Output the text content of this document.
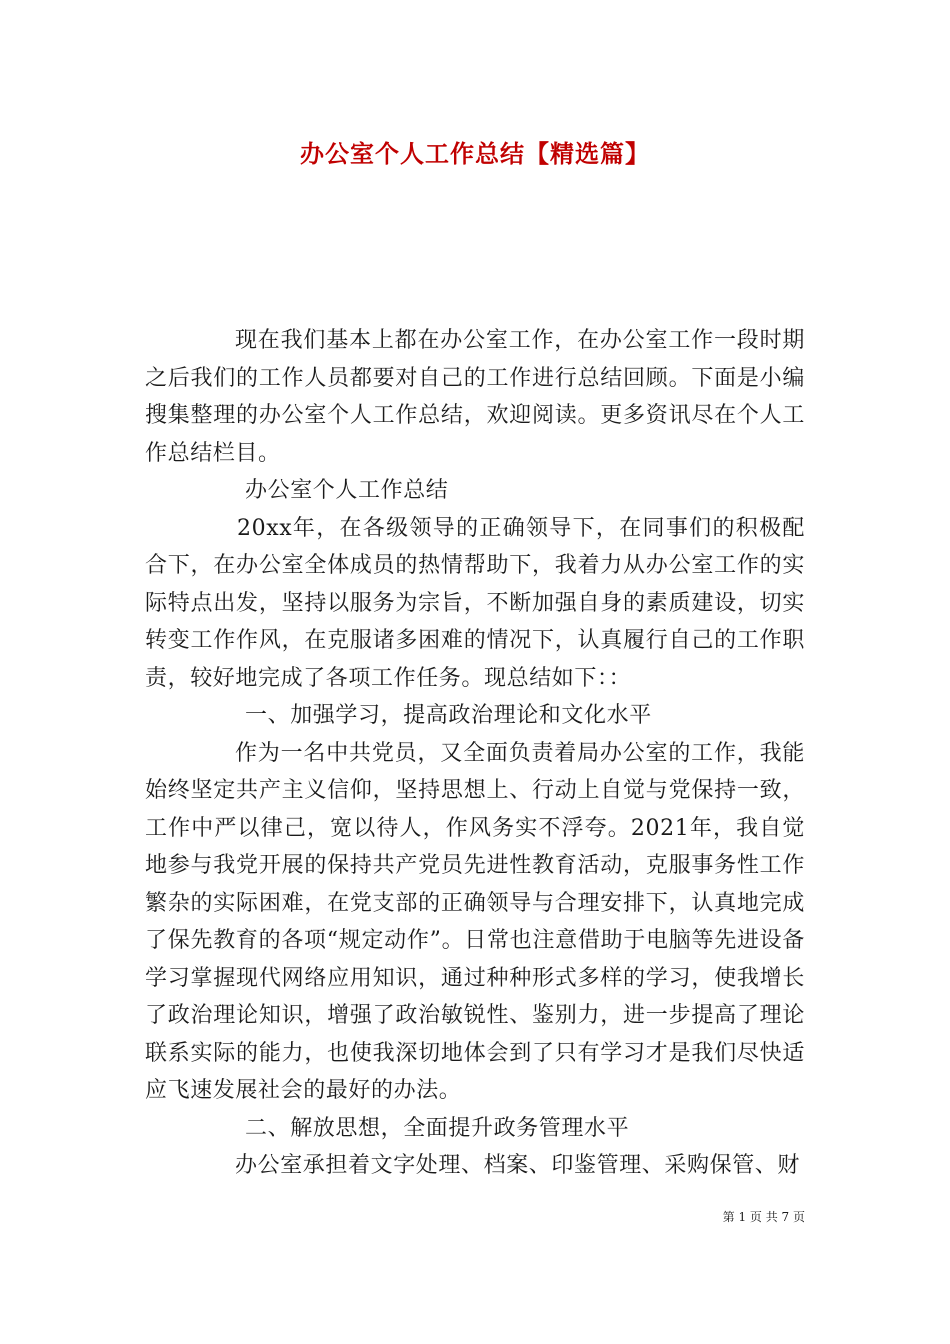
办公室个人工作总结【精选篇】

现在我们基本上都在办公室工作，在办公室工作一段时期之后我们的工作人员都要对自己的工作进行总结回顾。下面是小编搜集整理的办公室个人工作总结，欢迎阅读。更多资讯尽在个人工作总结栏目。

办公室个人工作总结

20xx年，在各级领导的正确领导下，在同事们的积极配合下，在办公室全体成员的热情帮助下，我着力从办公室工作的实际特点出发，坚持以服务为宗旨，不断加强自身的素质建设，切实转变工作作风，在克服诸多困难的情况下，认真履行自己的工作职责，较好地完成了各项工作任务。现总结如下：：

一、加强学习，提高政治理论和文化水平

作为一名中共党员，又全面负责着局办公室的工作，我能始终坚定共产主义信仰，坚持思想上、行动上自觉与党保持一致，工作中严以律己，宽以待人，作风务实不浮夸。2021年，我自觉地参与我党开展的保持共产党员先进性教育活动，克服事务性工作繁杂的实际困难，在党支部的正确领导与合理安排下，认真地完成了保先教育的各项“规定动作”。日常也注意借助于电脑等先进设备学习掌握现代网络应用知识，通过种种形式多样的学习，使我增长了政治理论知识，增强了政治敏锐性、鉴别力，进一步提高了理论联系实际的能力，也使我深切地体会到了只有学习才是我们尽快适应飞速发展社会的最好的办法。

二、解放思想，全面提升政务管理水平

办公室承担着文字处理、档案、印鉴管理、采购保管、财

第 1 页 共 7 页
